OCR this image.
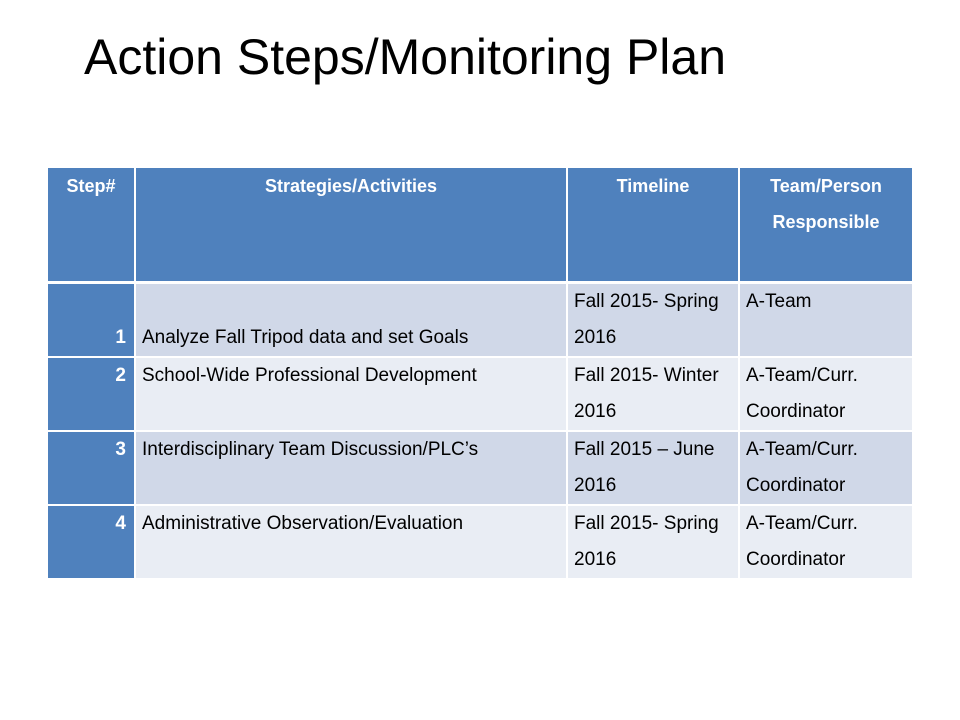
Action Steps/Monitoring Plan
Step#	Strategies/Activities	Timeline	Team/Person Responsible
1	Analyze Fall Tripod data and set Goals	Fall 2015- Spring 2016	A-Team
2	School-Wide Professional Development	Fall 2015- Winter 2016	A-Team/Curr. Coordinator
3	Interdisciplinary Team Discussion/PLC’s	Fall 2015 – June 2016	A-Team/Curr. Coordinator
4	Administrative Observation/Evaluation	Fall 2015- Spring 2016	A-Team/Curr. Coordinator
